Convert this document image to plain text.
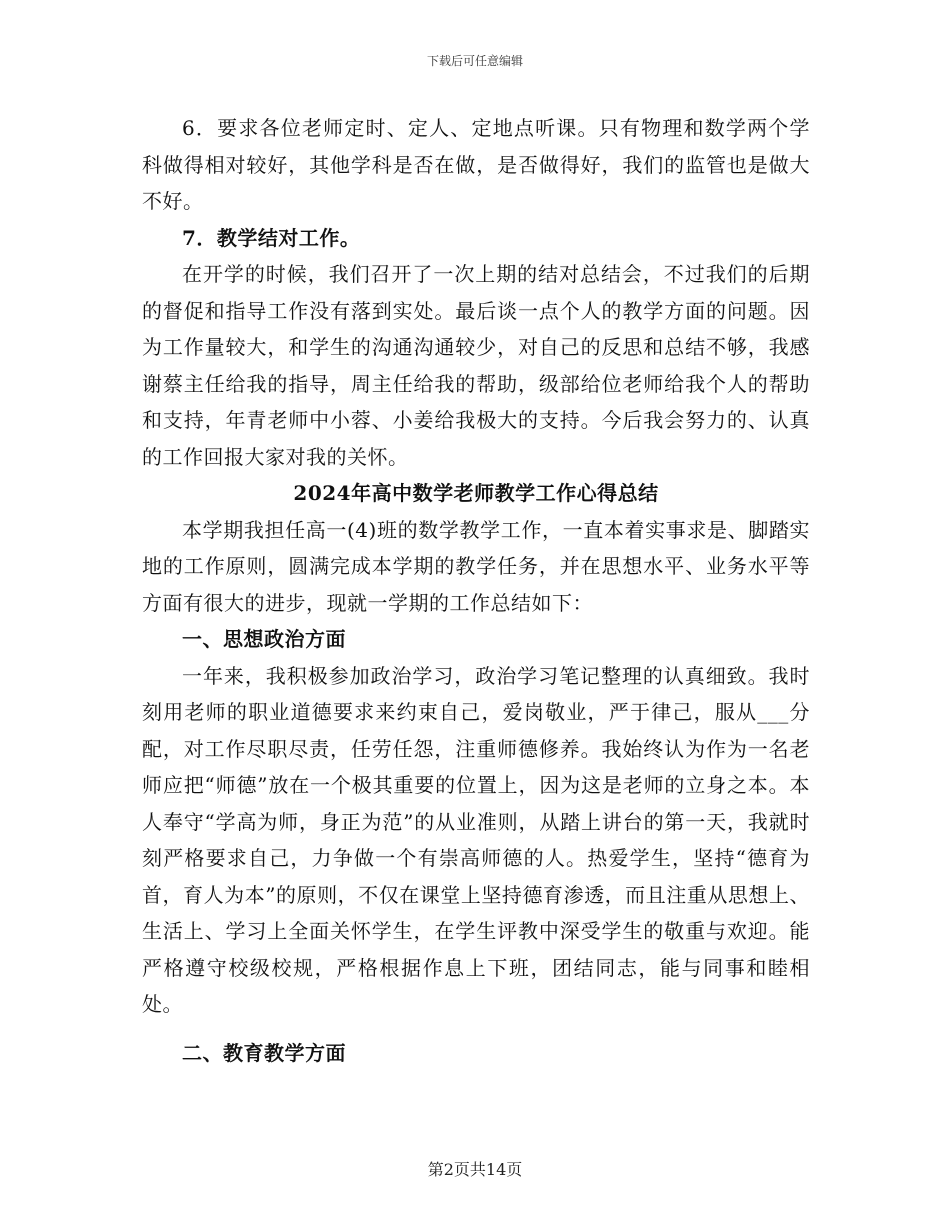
下载后可任意编辑

6．要求各位老师定时、定人、定地点听课。只有物理和数学两个学科做得相对较好，其他学科是否在做，是否做得好，我们的监管也是做大不好。

7．教学结对工作。

在开学的时候，我们召开了一次上期的结对总结会，不过我们的后期的督促和指导工作没有落到实处。最后谈一点个人的教学方面的问题。因为工作量较大，和学生的沟通沟通较少，对自己的反思和总结不够，我感谢蔡主任给我的指导，周主任给我的帮助，级部给位老师给我个人的帮助和支持，年青老师中小蓉、小姜给我极大的支持。今后我会努力的、认真的工作回报大家对我的关怀。

2024年高中数学老师教学工作心得总结

本学期我担任高一(4)班的数学教学工作，一直本着实事求是、脚踏实地的工作原则，圆满完成本学期的教学任务，并在思想水平、业务水平等方面有很大的进步，现就一学期的工作总结如下：

一、思想政治方面

一年来，我积极参加政治学习，政治学习笔记整理的认真细致。我时刻用老师的职业道德要求来约束自己，爱岗敬业，严于律己，服从___分配，对工作尽职尽责，任劳任怨，注重师德修养。我始终认为作为一名老师应把“师德”放在一个极其重要的位置上，因为这是老师的立身之本。本人奉守“学高为师，身正为范”的从业准则，从踏上讲台的第一天，我就时刻严格要求自己，力争做一个有崇高师德的人。热爱学生，坚持“德育为首，育人为本”的原则，不仅在课堂上坚持德育渗透，而且注重从思想上、生活上、学习上全面关怀学生，在学生评教中深受学生的敬重与欢迎。能严格遵守校级校规，严格根据作息上下班，团结同志，能与同事和睦相处。

二、教育教学方面

第2页共14页
